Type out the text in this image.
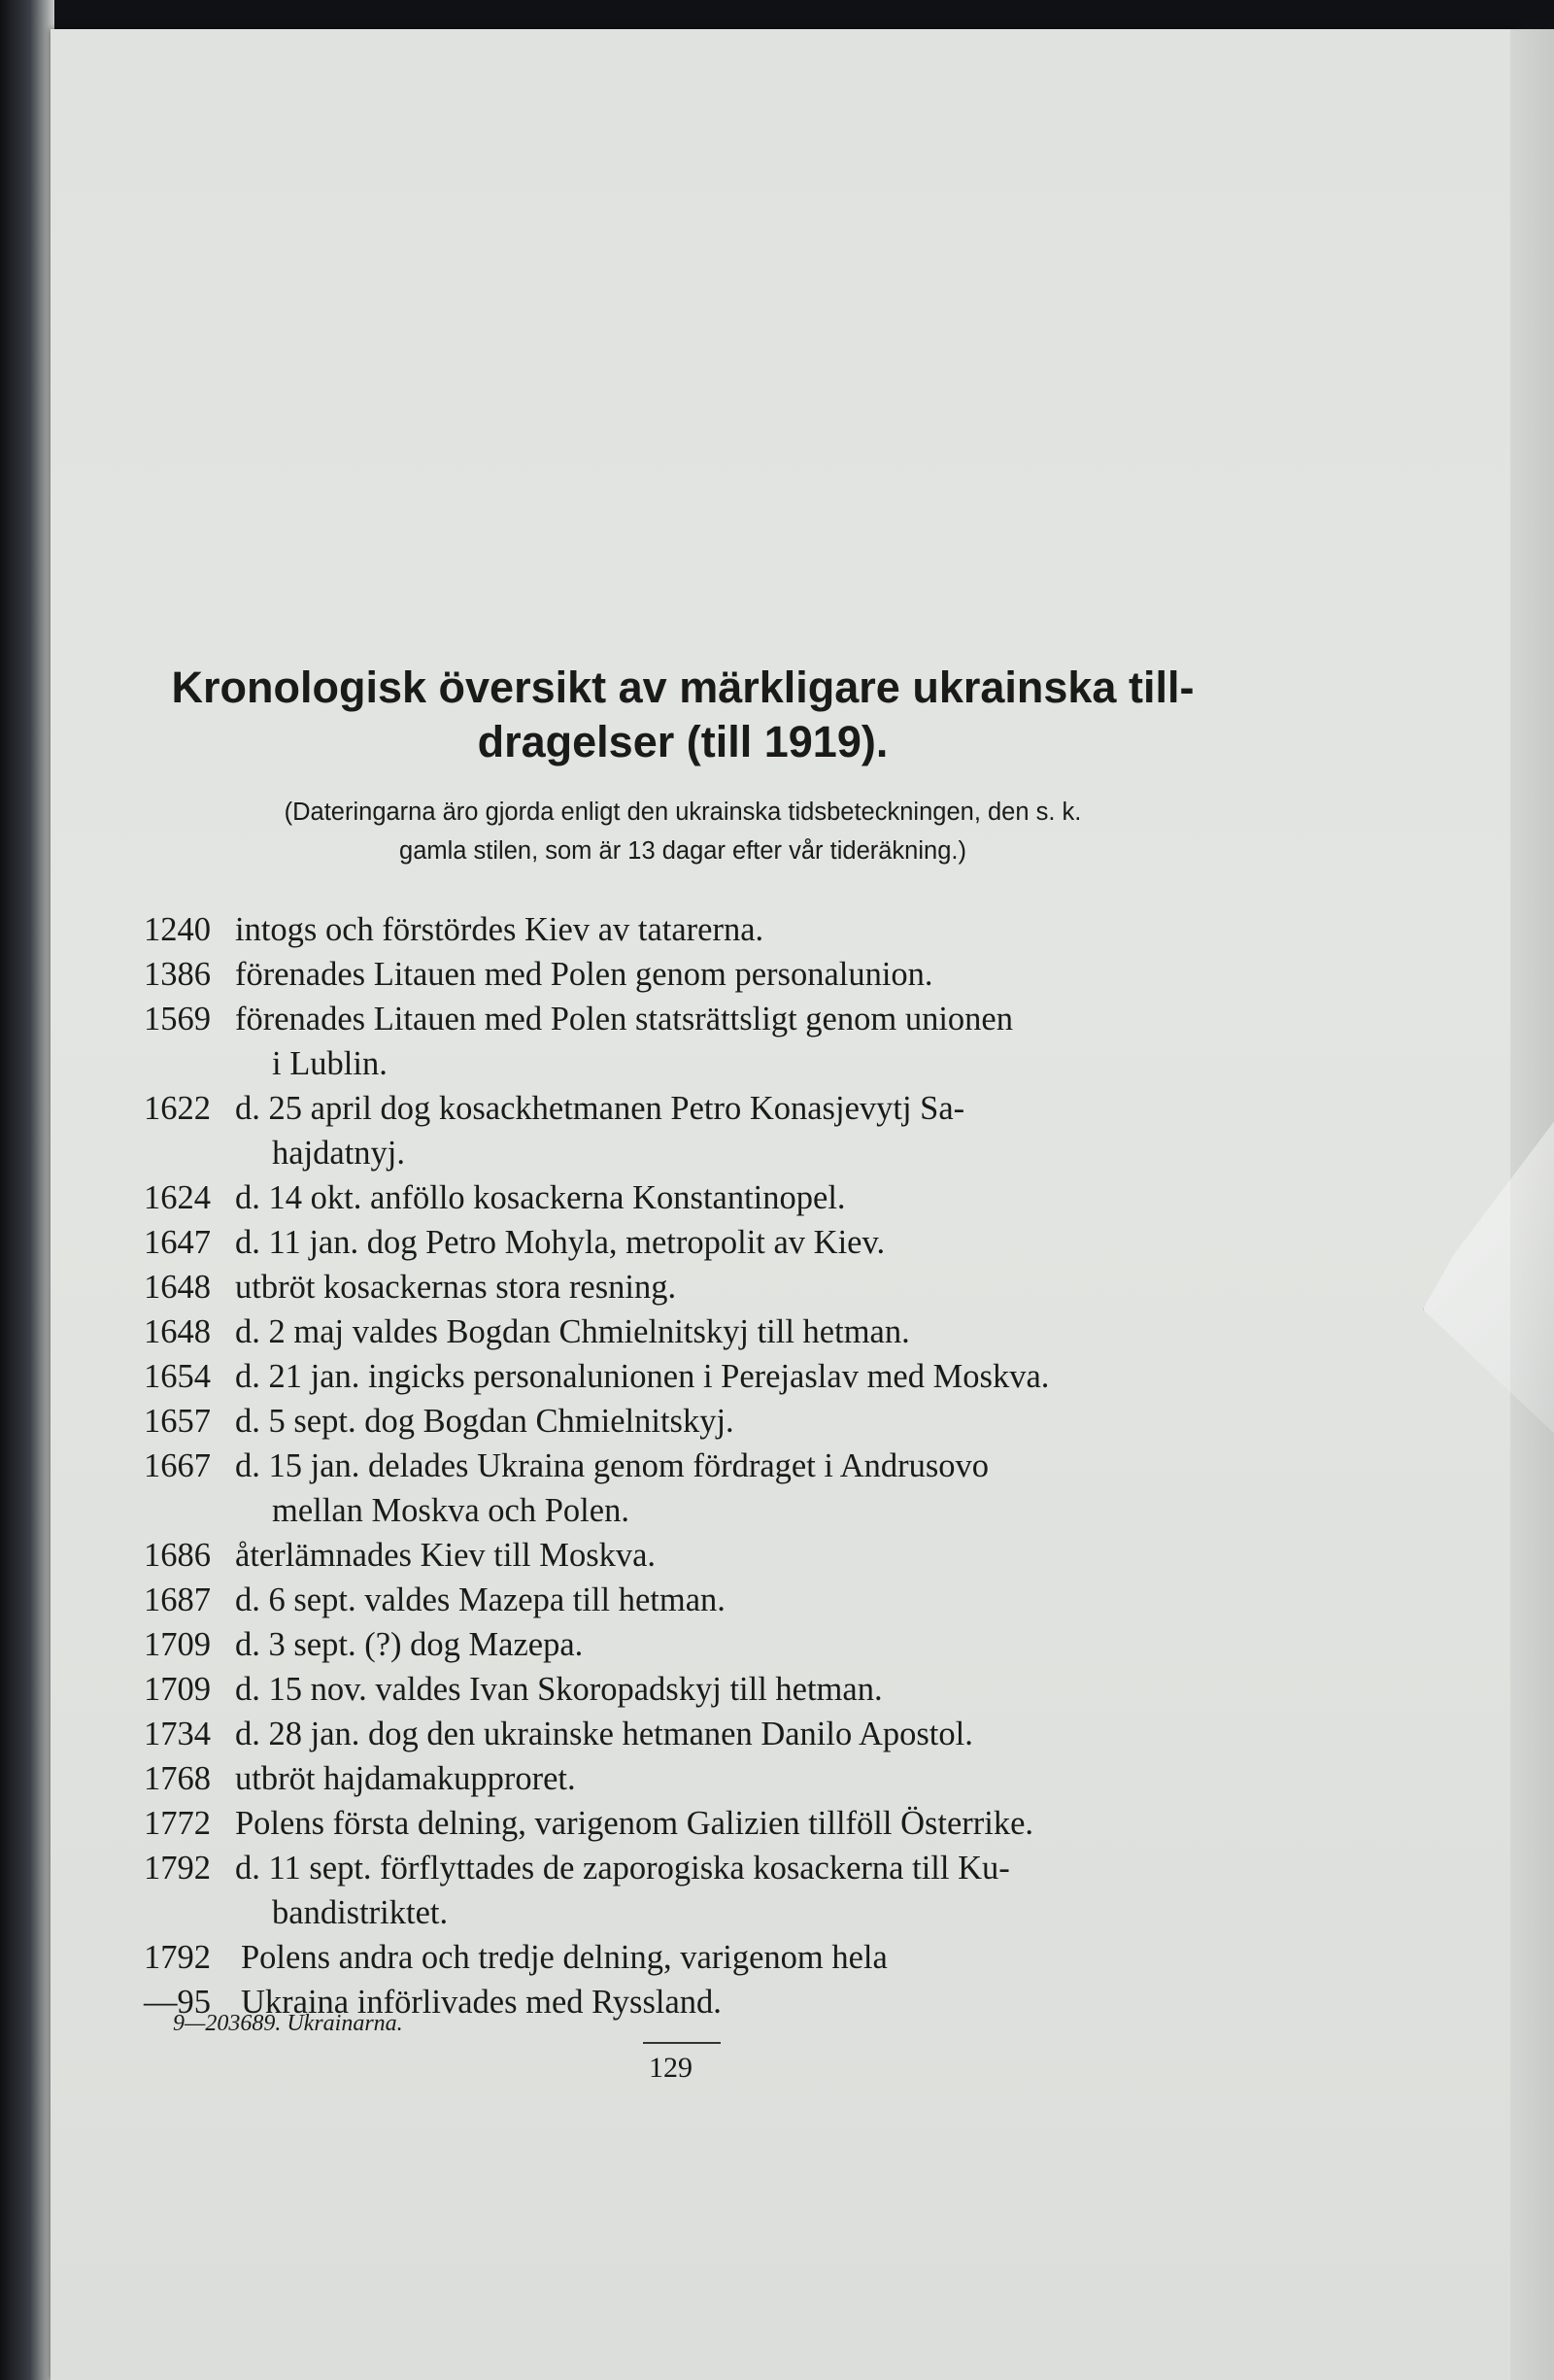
Kronologisk översikt av märkligare ukrainska till-
dragelser (till 1919).

(Dateringarna äro gjorda enligt den ukrainska tidsbeteckningen, den s. k.
gamla stilen, som är 13 dagar efter vår tideräkning.)

1240 intogs och förstördes Kiev av tatarerna.
1386 förenades Litauen med Polen genom personalunion.
1569 förenades Litauen med Polen statsrättsligt genom unionen
i Lublin.
1622 d. 25 april dog kosackhetmanen Petro Konasjevytj Sa-
hajdatnyj.
1624 d. 14 okt. anföllo kosackerna Konstantinopel.
1647 d. 11 jan. dog Petro Mohyla, metropolit av Kiev.
1648 utbröt kosackernas stora resning.
1648 d. 2 maj valdes Bogdan Chmielnitskyj till hetman.
1654 d. 21 jan. ingicks personalunionen i Perejaslav med Moskva.
1657 d. 5 sept. dog Bogdan Chmielnitskyj.
1667 d. 15 jan. delades Ukraina genom fördraget i Andrusovo
mellan Moskva och Polen.
1686 återlämnades Kiev till Moskva.
1687 d. 6 sept. valdes Mazepa till hetman.
1709 d. 3 sept. (?) dog Mazepa.
1709 d. 15 nov. valdes Ivan Skoropadskyj till hetman.
1734 d. 28 jan. dog den ukrainske hetmanen Danilo Apostol.
1768 utbröt hajdamakupproret.
1772 Polens första delning, varigenom Galizien tillföll Österrike.
1792 d. 11 sept. förflyttades de zaporogiska kosackerna till Ku-
bandistriktet.
1792—95
Polens andra och tredje delning, varigenom hela
Ukraina införlivades med Ryssland.
9—203689. Ukrainarna.
129
